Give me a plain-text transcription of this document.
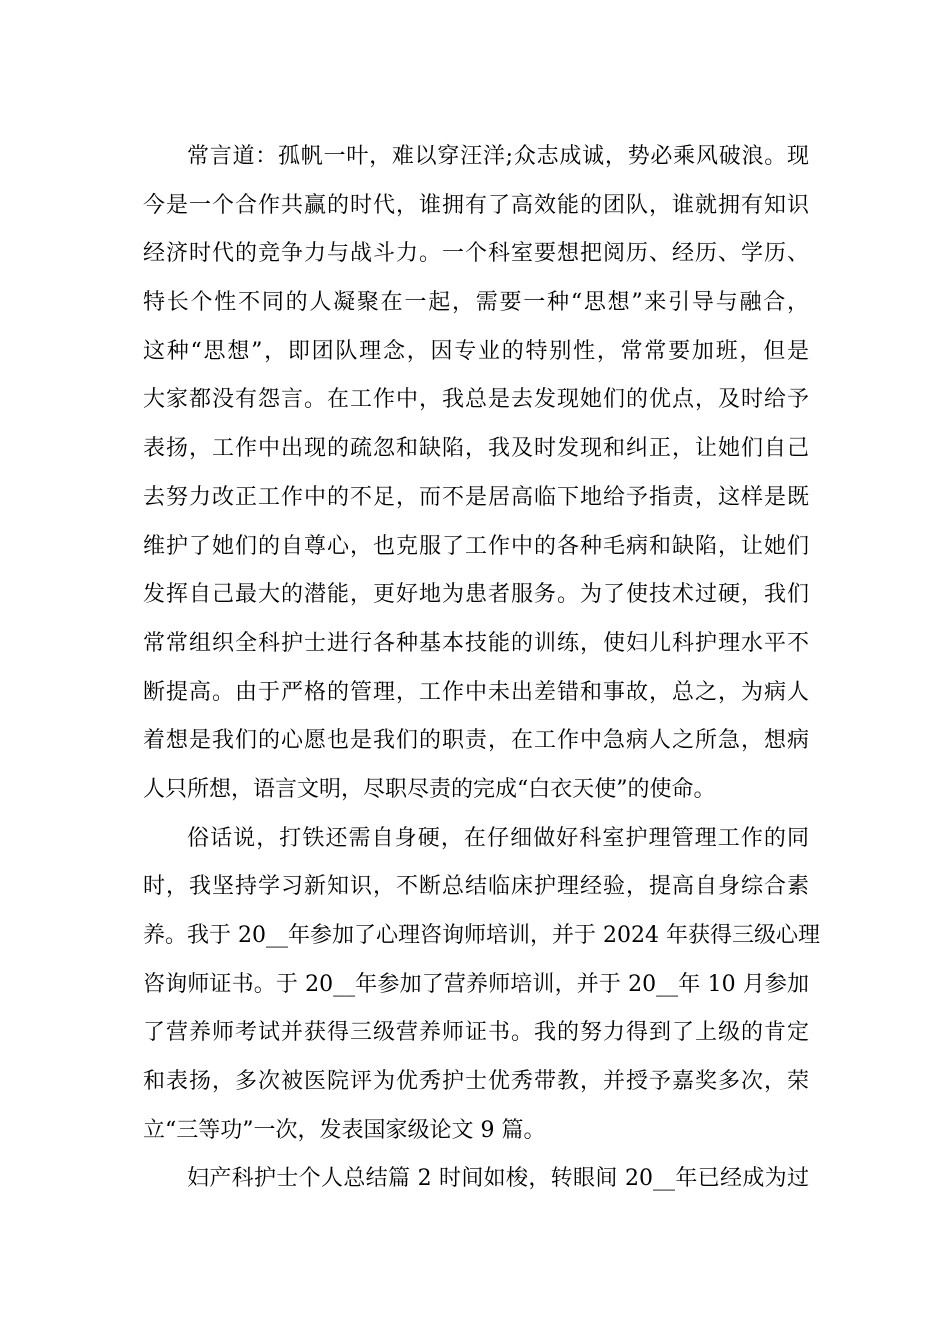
常言道：孤帆一叶，难以穿汪洋;众志成诚，势必乘风破浪。现
今是一个合作共赢的时代，谁拥有了高效能的团队，谁就拥有知识
经济时代的竞争力与战斗力。一个科室要想把阅历、经历、学历、
特长个性不同的人凝聚在一起，需要一种“思想”来引导与融合，
这种“思想”，即团队理念，因专业的特别性，常常要加班，但是
大家都没有怨言。在工作中，我总是去发现她们的优点，及时给予
表扬，工作中出现的疏忽和缺陷，我及时发现和纠正，让她们自己
去努力改正工作中的不足，而不是居高临下地给予指责，这样是既
维护了她们的自尊心，也克服了工作中的各种毛病和缺陷，让她们
发挥自己最大的潜能，更好地为患者服务。为了使技术过硬，我们
常常组织全科护士进行各种基本技能的训练，使妇儿科护理水平不
断提高。由于严格的管理，工作中未出差错和事故，总之，为病人
着想是我们的心愿也是我们的职责，在工作中急病人之所急，想病
人只所想，语言文明，尽职尽责的完成“白衣天使”的使命。
俗话说，打铁还需自身硬，在仔细做好科室护理管理工作的同
时，我坚持学习新知识，不断总结临床护理经验，提高自身综合素
养。我于 20__年参加了心理咨询师培训，并于 2024 年获得三级心理
咨询师证书。于 20__年参加了营养师培训，并于 20__年 10 月参加
了营养师考试并获得三级营养师证书。我的努力得到了上级的肯定
和表扬，多次被医院评为优秀护士优秀带教，并授予嘉奖多次，荣
立“三等功”一次，发表国家级论文 9 篇。
妇产科护士个人总结篇 2 时间如梭，转眼间 20__年已经成为过
